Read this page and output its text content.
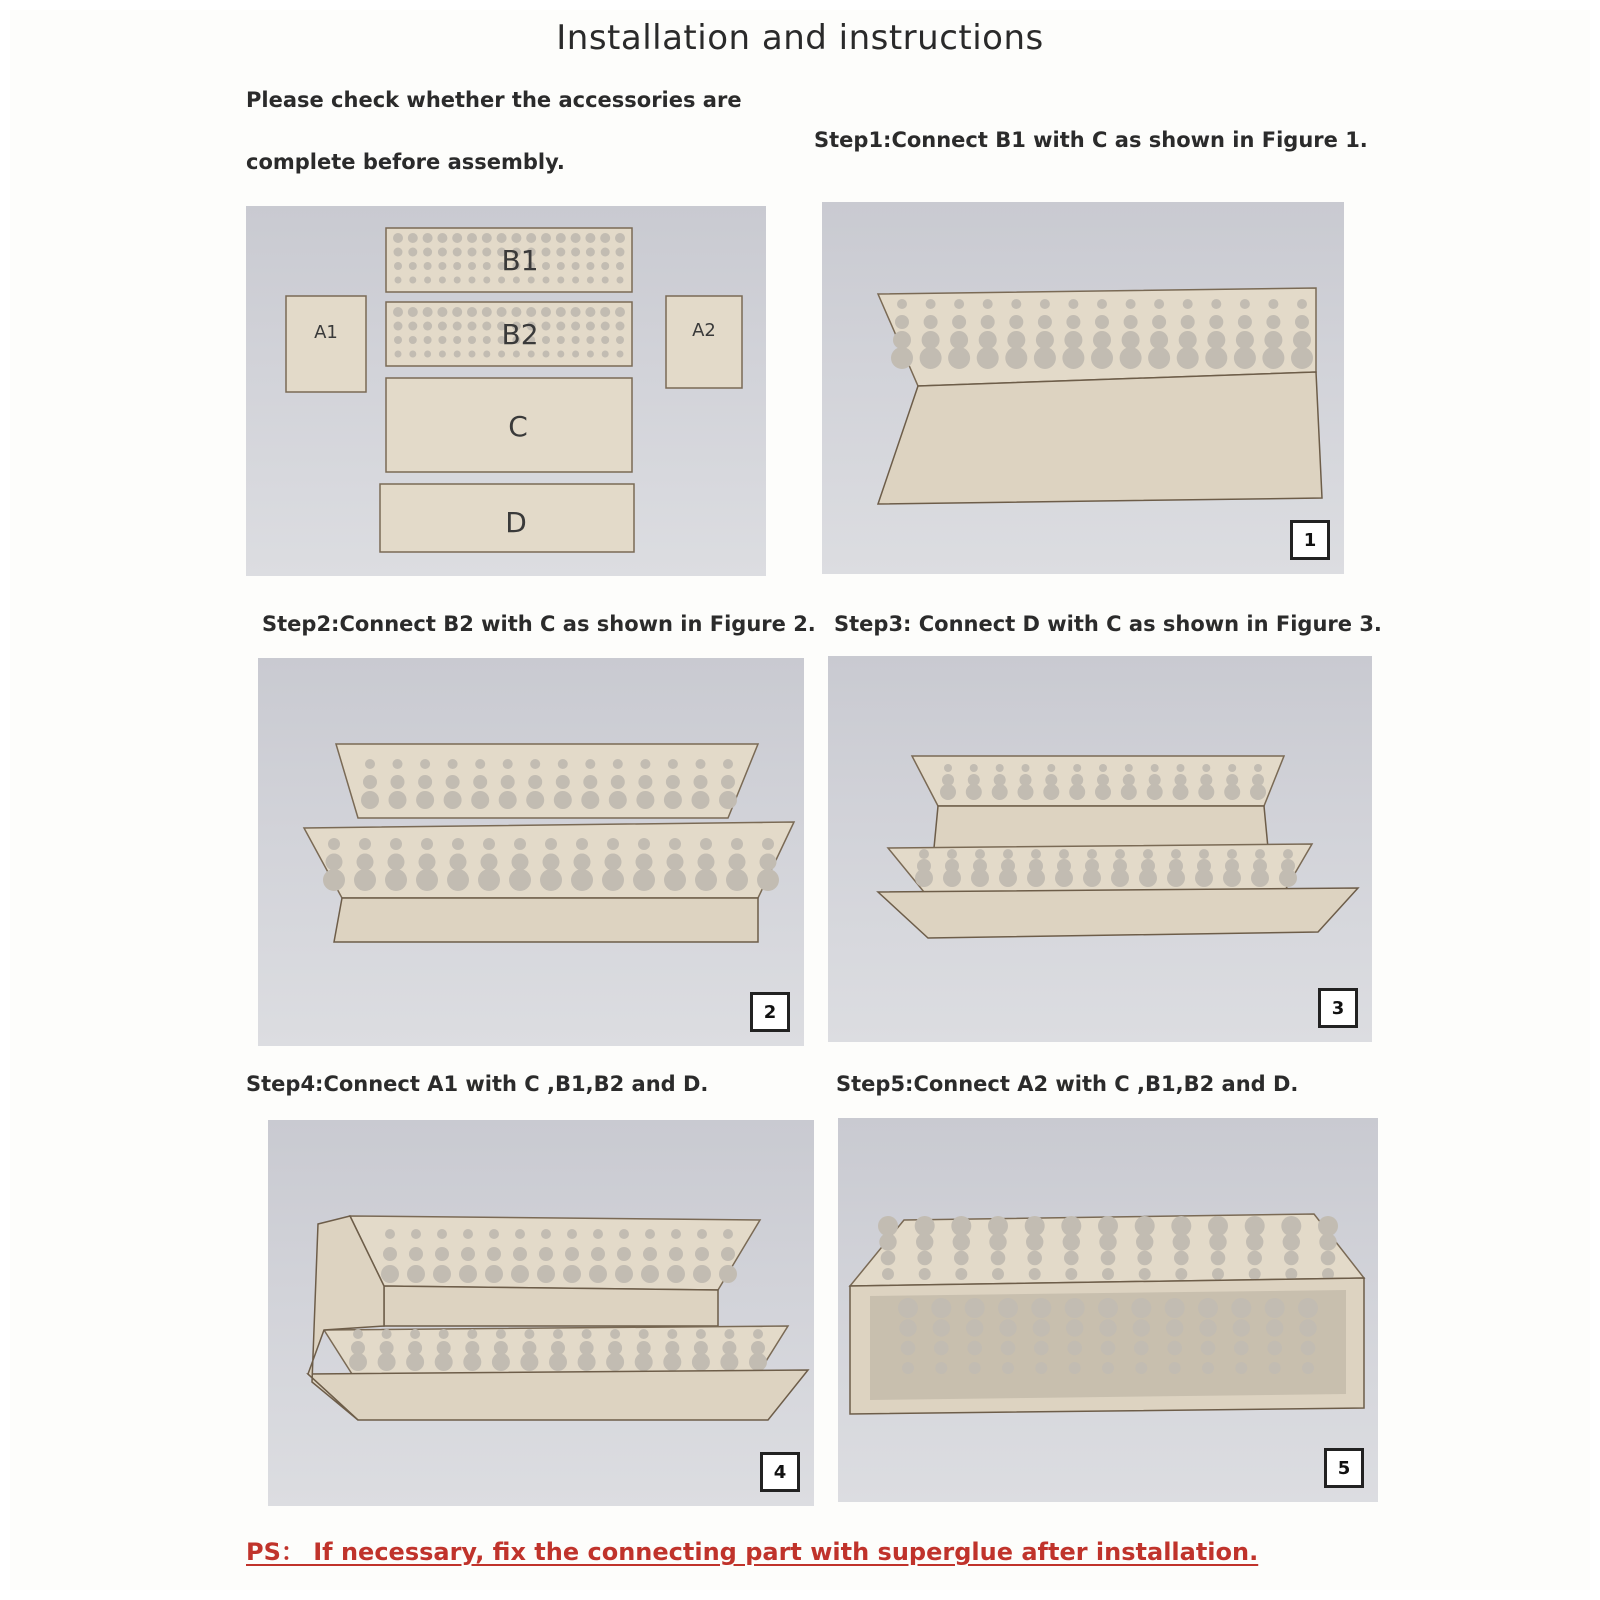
Installation and instructions
Please check whether the accessories are
complete before assembly.
Step1:Connect B1 with C as shown in Figure 1.
B1
B2
A1	A2
C
D
1
Step2:Connect B2 with C as shown in Figure 2. Step3: Connect D with C as shown in Figure 3.
2	3
Step4:Connect A1 with C ,B1,B2 and D.	Step5:Connect A2 with C ,B1,B2 and D.
4	5
PS： If necessary, fix the connecting part with superglue after installation.
